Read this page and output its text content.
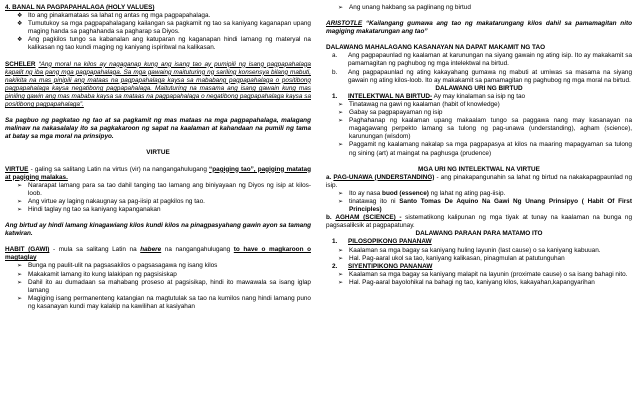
4. BANAL NA PAGPAPAHALAGA (HOLY VALUES)

❖ Ito ang pinakamataas sa lahat ng antas ng mga pagpapahalaga.
❖ Tumutukoy sa mga pagpapahalagang kailangan sa pagkamit ng tao sa kaniyang kaganapan upang maging handa sa paghahanda sa pagharap sa Diyos.
❖ Ang pagkilos tungo sa kabanalan ang katuparan ng kaganapan hindi lamang ng materyal na kalikasan ng tao kundi maging ng kaniyang ispiritwal na kalikasan.

SCHELER “Ang moral na kilos ay nagaganap kung ang isang tao ay pumipili ng isang pagpapahalaga kapalit ng iba pang mga pagpapahalaga. Sa mga gawaing maituturing ng sariling konsensya bilang mabuti, nakikita na mas pinipili ang mataas na pagpapahalaga kaysa sa mababang pagpapahalaga o positibong pagpapahalaga kaysa negatibong pagpapahalaga. Maituturing na masama ang isang gawain kung mas piniling gawin ang mas mababa kaysa sa mataas na pagpapahalaga o negatibong pagpapahalaga kaysa sa positibong pagpapahalaga”.

Sa pagbuo ng pagkatao ng tao at sa pagkamit ng mas mataas na mga pagpapahalaga, malagang malinaw na nakasalalay ito sa pagkakaroon ng sapat na kaalaman at kahandaan na pumili ng tama at batay sa mga moral na prinsipyo.

VIRTUE

VIRTUE - galing sa salitang Latin na virtus (vir) na nangangahulugang “pagiging tao”, pagiging matatag at pagiging malakas.

➢ Nararapat lamang para sa tao dahil tanging tao lamang ang biniyayaan ng Diyos ng isip at kilos-loob.
➢ Ang virtue ay laging nakaugnay sa pag-iisip at pagkilos ng tao.
➢ Hindi taglay ng tao sa kaniyang kapanganakan

Ang birtud ay hindi lamang kinagawiang kilos kundi kilos na pinagpasyahang gawin ayon sa tamang katwiran.

HABIT (GAWI) - mula sa salitang Latin na habere na nangangahulugang to have o magkaroon o magtaglay

➢ Bunga ng paulit-ulit na pagsasakilos o pagsasagawa ng isang kilos
➢ Makakamit lamang ito kung lalakipan ng pagsisiskap
➢ Dahil ito au dumadaan sa mahabang proseso at pagsisikap, hindi ito mawawala sa isang iglap lamang
➢ Magiging isang permanenteng katangian na magtutulak sa tao na kumilos nang hindi lamang puno ng kasanayan kundi may kalakip na kawilihan at kasiyahan
➢ Ang unang hakbang sa paglinang ng birtud

ARISTOTLE “Kailangang gumawa ang tao ng makatarungang kilos dahil sa pamamagitan nito magiging makatarungan ang tao”

DALAWANG MAHALAGANG KASANAYAN NA DAPAT MAKAMIT NG TAO

a. Ang pagpapaunlad ng kaalaman at karunungan na siyang gawain ng ating isip. Ito ay makakamit sa pamamagitan ng paghubog ng mga intelektwal na birtud.
b. Ang pagpapaunlad ng ating kakayahang gumawa ng mabuti at umiwas sa masama na siyang gawain ng ating kilos-loob. Ito ay makakamit sa pamamagitan ng paghubog ng mga moral na birtud.

DALAWANG URI NG BIRTUD

1. INTELEKTWAL NA BIRTUD- Ay may kinalaman sa isip ng tao
➢ Tinatawag na gawi ng kaalaman (habit of knowledge)
➢ Gabay sa pagpapayaman ng isip
➢ Paghahanap ng kaalaman upang makaalam tungo sa paggawa nang may kasanayan na magagawang perpekto lamang sa tulong ng pag-unawa (understanding), agham (science), karunungan (wisdom)
➢ Paggamit ng kaalamang nakalap sa mga pagpapasya at kilos na maaring mapagyaman sa tulong ng sining (art) at maingat na paghusga (prudence)

MGA URI NG INTELEKTWAL NA VIRTUE

a. PAG-UNAWA (UNDERSTANDING) - ang pinakapangunahin sa lahat ng birtud na nakakapagpaunlad ng isip.

➢ Ito ay nasa buod (essence) ng lahat ng ating pag-iisip.
➢ tinatawag ito ni Santo Tomas De Aquino Na Gawi Ng Unang Prinsipyo ( Habit Of First Principles)

b. AGHAM (SCIENCE) - sistematikong kalipunan ng mga tiyak at tunay na kaalaman na bunga ng pagsasaliksik at pagpapatunay.

DALAWANG PARAAN PARA MATAMO ITO

1. PILOSOPIKONG PANANAW
➢ Kaalaman sa mga bagay sa kaniyang huling layunin (last cause) o sa kaniyang kabuuan.
➢ Hal. Pag-aaral ukol sa tao, kaniyang kalikasan, pinagmulan at patutunguhan
2. SIYENTIPIKONG PANANAW
➢ Kaalaman sa mga bagay sa kaniyang malapit na layunin (proximate cause) o sa isang bahagi nito.
➢ Hal. Pag-aaral bayolohikal na bahagi ng tao, kaniyang kilos, kakayahan,kapangyarihan
